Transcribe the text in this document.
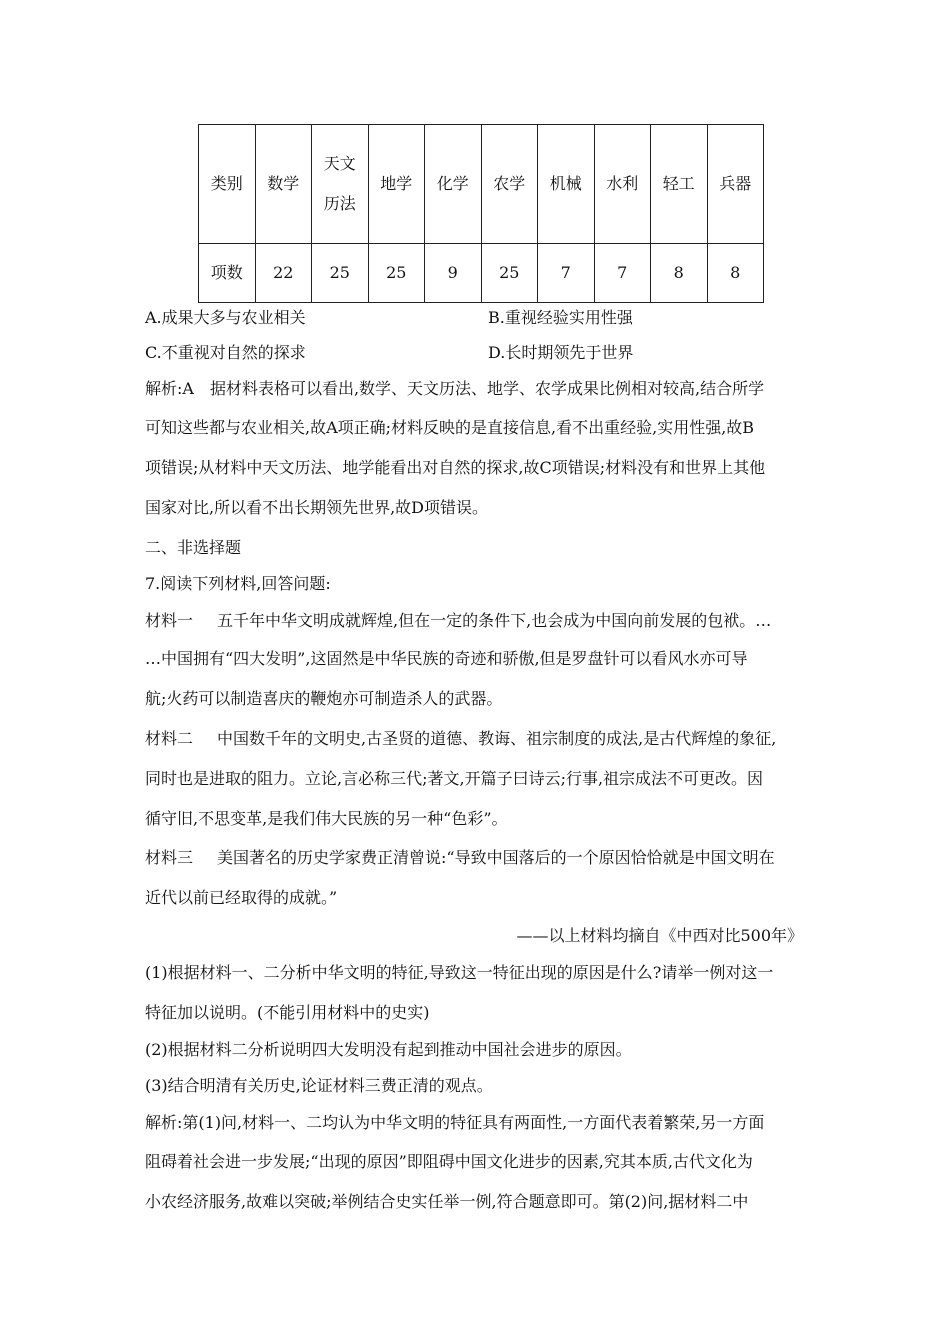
类别	数学	天文历法	地学	化学	农学	机械	水利	轻工	兵器
项数	22	25	25	9	25	7	7	8	8
A.成果大多与农业相关	B.重视经验实用性强
C.不重视对自然的探求	D.长时期领先于世界
解析:A　据材料表格可以看出,数学、天文历法、地学、农学成果比例相对较高,结合所学
可知这些都与农业相关,故A项正确;材料反映的是直接信息,看不出重经验,实用性强,故B
项错误;从材料中天文历法、地学能看出对自然的探求,故C项错误;材料没有和世界上其他
国家对比,所以看不出长期领先世界,故D项错误。
二、非选择题
7.阅读下列材料,回答问题:
材料一 五千年中华文明成就辉煌,但在一定的条件下,也会成为中国向前发展的包袱。…
…中国拥有“四大发明”,这固然是中华民族的奇迹和骄傲,但是罗盘针可以看风水亦可导
航;火药可以制造喜庆的鞭炮亦可制造杀人的武器。
材料二 中国数千年的文明史,古圣贤的道德、教诲、祖宗制度的成法,是古代辉煌的象征,
同时也是进取的阻力。立论,言必称三代;著文,开篇子曰诗云;行事,祖宗成法不可更改。因
循守旧,不思变革,是我们伟大民族的另一种“色彩”。
材料三 美国著名的历史学家费正清曾说:“导致中国落后的一个原因恰恰就是中国文明在
近代以前已经取得的成就。”
——以上材料均摘自《中西对比500年》
(1)根据材料一、二分析中华文明的特征,导致这一特征出现的原因是什么?请举一例对这一
特征加以说明。(不能引用材料中的史实)
(2)根据材料二分析说明四大发明没有起到推动中国社会进步的原因。
(3)结合明清有关历史,论证材料三费正清的观点。
解析:第(1)问,材料一、二均认为中华文明的特征具有两面性,一方面代表着繁荣,另一方面
阻碍着社会进一步发展;“出现的原因”即阻碍中国文化进步的因素,究其本质,古代文化为
小农经济服务,故难以突破;举例结合史实任举一例,符合题意即可。第(2)问,据材料二中
